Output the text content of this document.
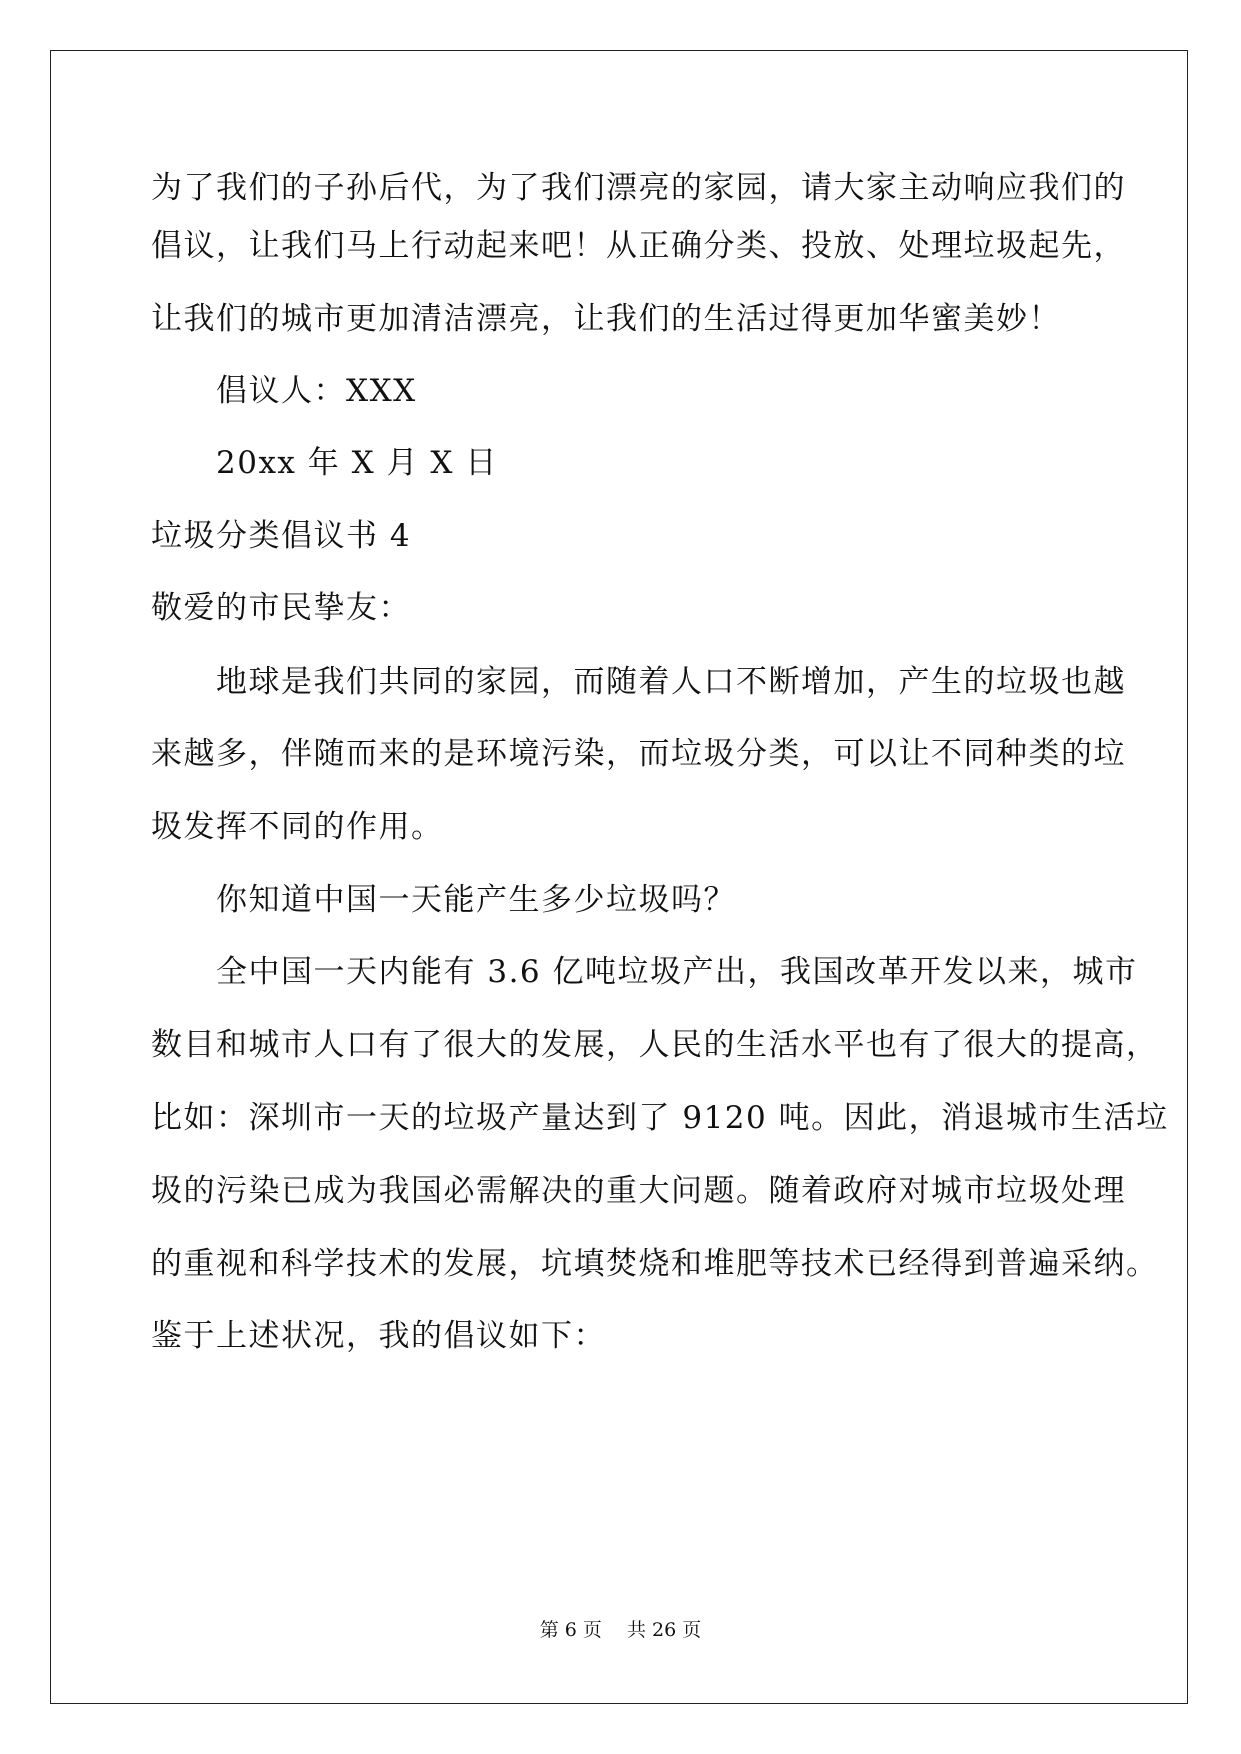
为了我们的子孙后代，为了我们漂亮的家园，请大家主动响应我们的

倡议，让我们马上行动起来吧！从正确分类、投放、处理垃圾起先，

让我们的城市更加清洁漂亮，让我们的生活过得更加华蜜美妙！

　　倡议人：XXX

　　20xx 年 X 月 X 日

垃圾分类倡议书 4

敬爱的市民挚友：

　　地球是我们共同的家园，而随着人口不断增加，产生的垃圾也越

来越多，伴随而来的是环境污染，而垃圾分类，可以让不同种类的垃

圾发挥不同的作用。

　　你知道中国一天能产生多少垃圾吗？

　　全中国一天内能有 3.6 亿吨垃圾产出，我国改革开发以来，城市

数目和城市人口有了很大的发展，人民的生活水平也有了很大的提高，

比如：深圳市一天的垃圾产量达到了 9120 吨。因此，消退城市生活垃

圾的污染已成为我国必需解决的重大问题。随着政府对城市垃圾处理

的重视和科学技术的发展，坑填焚烧和堆肥等技术已经得到普遍采纳。

鉴于上述状况，我的倡议如下：

第 6 页　 共 26 页
